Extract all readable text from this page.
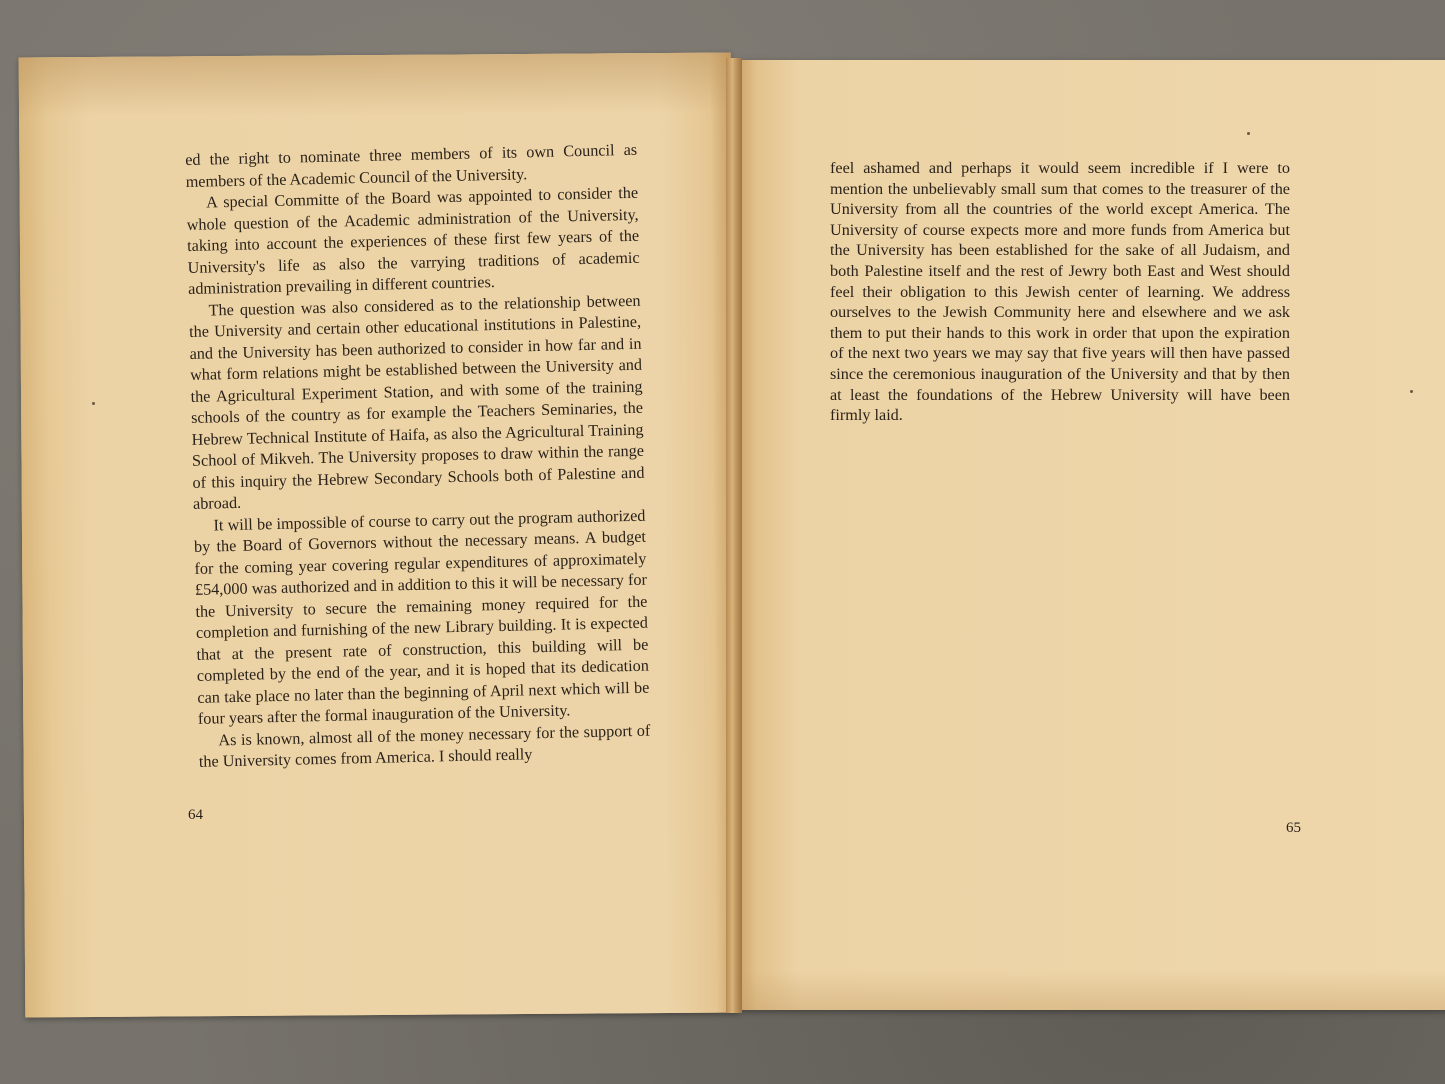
ed the right to nominate three members of its own Council as members of the Academic Council of the University.

A special Committe of the Board was appointed to consider the whole question of the Academic administration of the University, taking into account the experiences of these first few years of the University's life as also the varrying traditions of academic administration prevailing in different countries.

The question was also considered as to the relationship between the University and certain other educational institutions in Palestine, and the University has been authorized to consider in how far and in what form relations might be established between the University and the Agricultural Experiment Station, and with some of the training schools of the country as for example the Teachers Seminaries, the Hebrew Technical Institute of Haifa, as also the Agricultural Training School of Mikveh. The University proposes to draw within the range of this inquiry the Hebrew Secondary Schools both of Palestine and abroad.

It will be impossible of course to carry out the program authorized by the Board of Governors without the necessary means. A budget for the coming year covering regular expenditures of approximately £54,000 was authorized and in addition to this it will be necessary for the University to secure the remaining money required for the completion and furnishing of the new Library building. It is expected that at the present rate of construction, this building will be completed by the end of the year, and it is hoped that its dedication can take place no later than the beginning of April next which will be four years after the formal inauguration of the University.

As is known, almost all of the money necessary for the support of the University comes from America. I should really

64

feel ashamed and perhaps it would seem incredible if I were to mention the unbelievably small sum that comes to the treasurer of the University from all the countries of the world except America. The University of course expects more and more funds from America but the University has been established for the sake of all Judaism, and both Palestine itself and the rest of Jewry both East and West should feel their obligation to this Jewish center of learning. We address ourselves to the Jewish Community here and elsewhere and we ask them to put their hands to this work in order that upon the expiration of the next two years we may say that five years will then have passed since the ceremonious inauguration of the University and that by then at least the foundations of the Hebrew University will have been firmly laid.

65
